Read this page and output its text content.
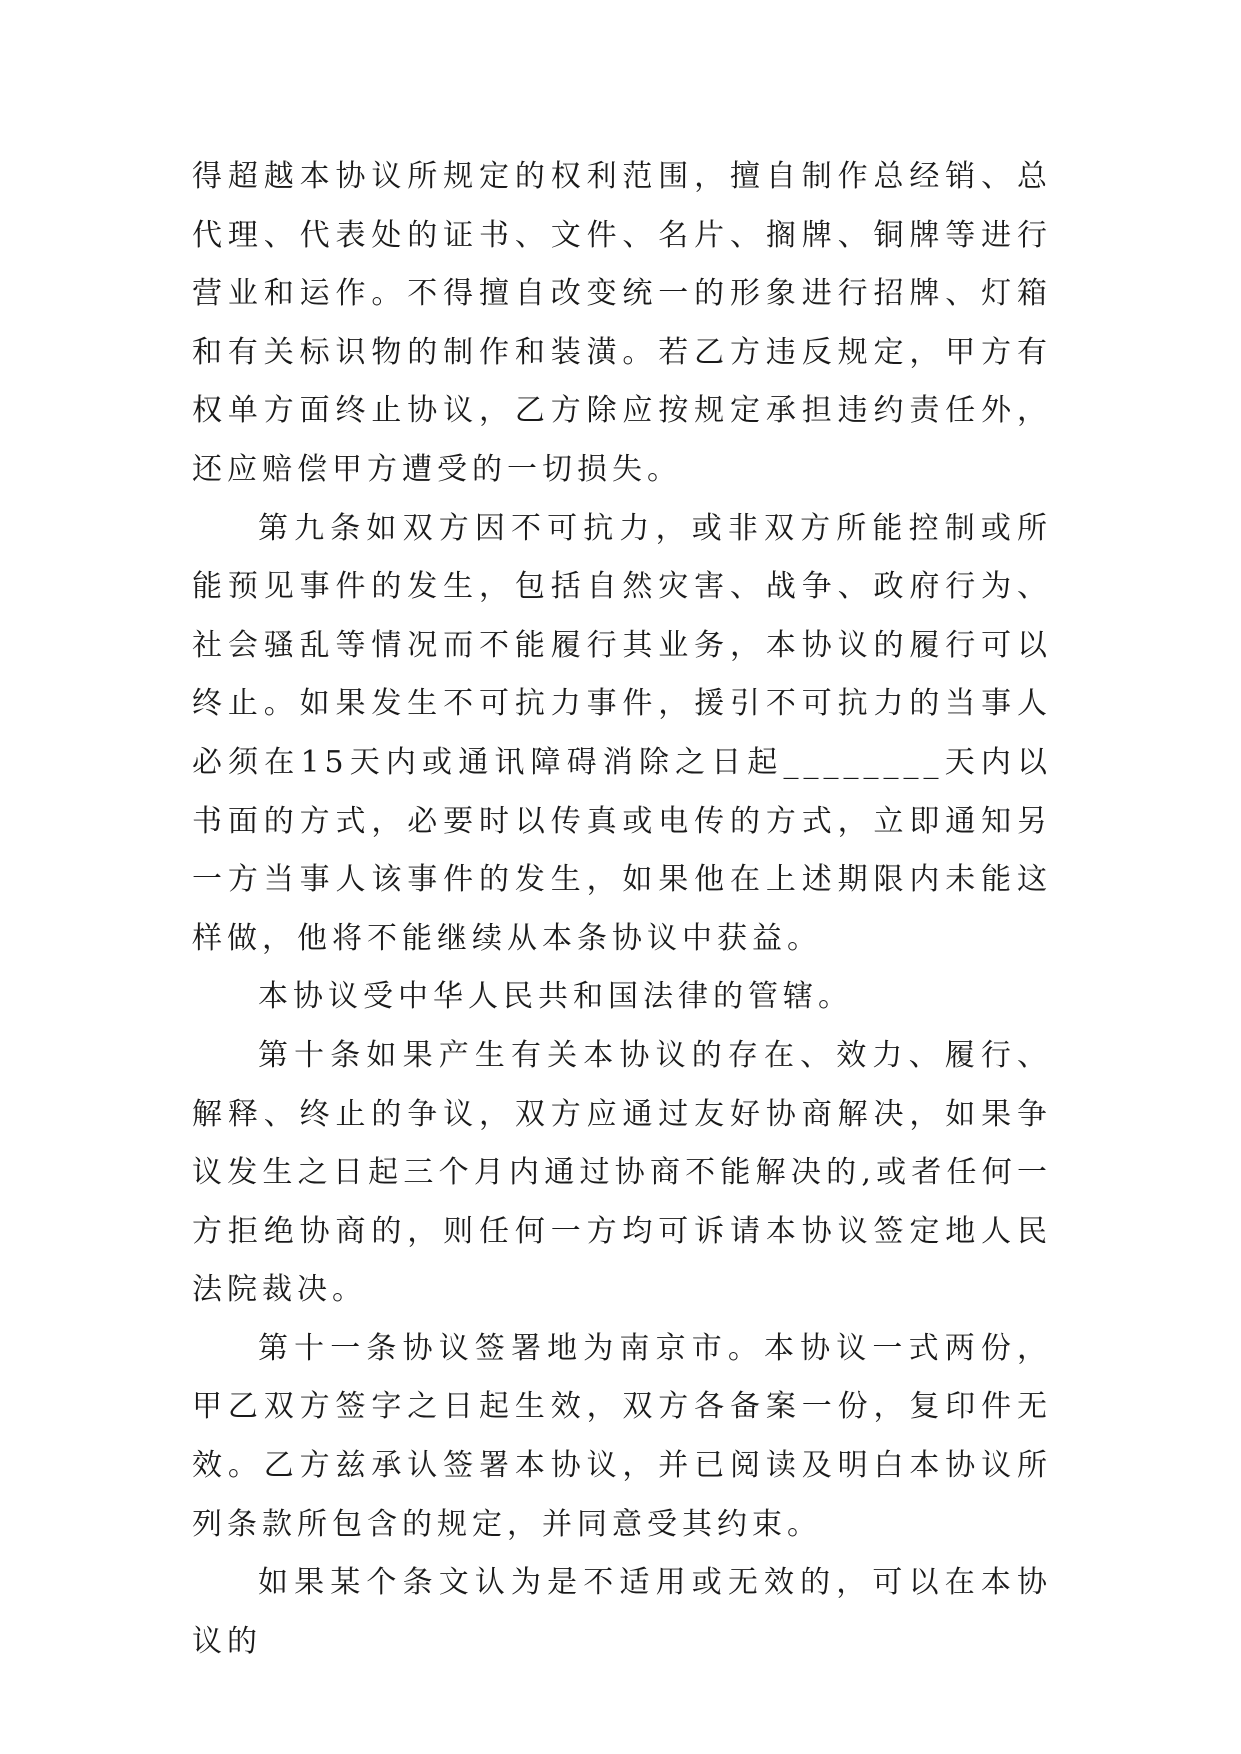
得超越本协议所规定的权利范围，擅自制作总经销、总代理、代表处的证书、文件、名片、搁牌、铜牌等进行营业和运作。不得擅自改变统一的形象进行招牌、灯箱和有关标识物的制作和装潢。若乙方违反规定，甲方有权单方面终止协议，乙方除应按规定承担违约责任外，还应赔偿甲方遭受的一切损失。

第九条如双方因不可抗力，或非双方所能控制或所能预见事件的发生，包括自然灾害、战争、政府行为、社会骚乱等情况而不能履行其业务，本协议的履行可以终止。如果发生不可抗力事件，援引不可抗力的当事人必须在15天内或通讯障碍消除之日起________天内以书面的方式，必要时以传真或电传的方式，立即通知另一方当事人该事件的发生，如果他在上述期限内未能这样做，他将不能继续从本条协议中获益。

本协议受中华人民共和国法律的管辖。

第十条如果产生有关本协议的存在、效力、履行、解释、终止的争议，双方应通过友好协商解决，如果争议发生之日起三个月内通过协商不能解决的,或者任何一方拒绝协商的，则任何一方均可诉请本协议签定地人民法院裁决。

第十一条协议签署地为南京市。本协议一式两份，甲乙双方签字之日起生效，双方各备案一份，复印件无效。乙方兹承认签署本协议，并已阅读及明白本协议所列条款所包含的规定，并同意受其约束。

如果某个条文认为是不适用或无效的，可以在本协议的
